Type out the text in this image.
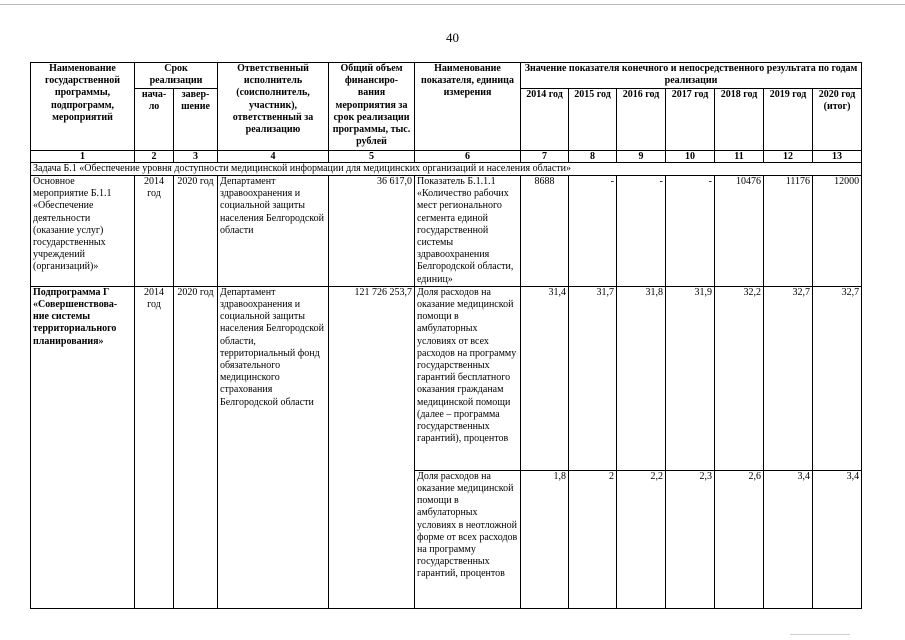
40
Наименование государственной программы, подпрограмм, мероприятий	Срок реализации		Ответственный исполнитель (соисполнитель, участник), ответственный за реализацию	Общий объем финансиро- вания мероприятия за срок реализации программы, тыс. рублей	Наименование показателя, единица измерения	Значение показателя конечного и непосредственного результата по годам реализации						
	нача- ло	завер- шение				2014 год	2015 год	2016 год	2017 год	2018 год	2019 год	2020 год (итог)
1	2	3	4	5	6	7	8	9	10	11	12	13
Задача Б.1 «Обеспечение уровня доступности медицинской информации для медицинских организаций и населения области»												
Основное мероприятие Б.1.1 «Обеспечение деятельности (оказание услуг) государственных учреждений (организаций)»	2014 год	2020 год	Департамент здравоохранения и социальной защиты населения Белгородской области	36 617,0	Показатель Б.1.1.1 «Количество рабочих мест регионального сегмента единой государственной системы здравоохранения Белгородской области, единиц»	8688	-	-	-	10476	11176	12000
Подпрограмма Г «Совершенствова- ние системы территориального планирования»	2014 год	2020 год	Департамент здравоохранения и социальной защиты населения Белгородской области, территориальный фонд обязательного медицинского страхования Белгородской области	121 726 253,7	Доля расходов на оказание медицинской помощи в амбулаторных условиях от всех расходов на программу государственных гарантий бесплатного оказания гражданам медицинской помощи (далее – программа государственных гарантий), процентов	31,4	31,7	31,8	31,9	32,2	32,7	32,7
					Доля расходов на оказание медицинской помощи в амбулаторных условиях в неотложной форме от всех расходов на программу государственных гарантий, процентов	1,8	2	2,2	2,3	2,6	3,4	3,4
